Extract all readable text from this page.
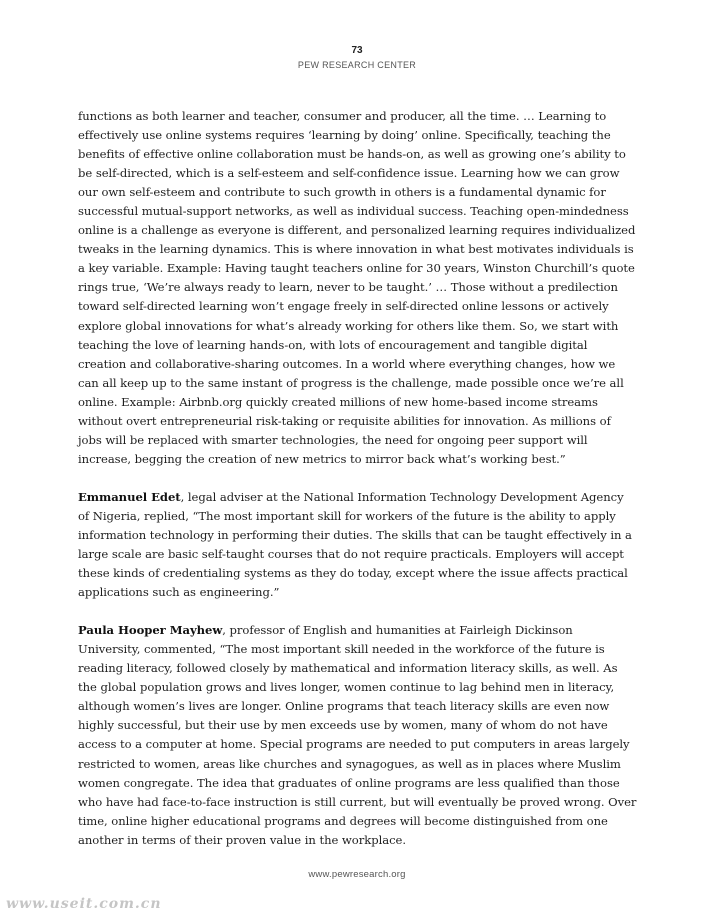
73
PEW RESEARCH CENTER

functions as both learner and teacher, consumer and producer, all the time. … Learning to effectively use online systems requires ‘learning by doing’ online. Specifically, teaching the benefits of effective online collaboration must be hands-on, as well as growing one’s ability to be self-directed, which is a self-esteem and self-confidence issue. Learning how we can grow our own self-esteem and contribute to such growth in others is a fundamental dynamic for successful mutual-support networks, as well as individual success. Teaching open-mindedness online is a challenge as everyone is different, and personalized learning requires individualized tweaks in the learning dynamics. This is where innovation in what best motivates individuals is a key variable. Example: Having taught teachers online for 30 years, Winston Churchill’s quote rings true, ‘We’re always ready to learn, never to be taught.’ … Those without a predilection toward self-directed learning won’t engage freely in self-directed online lessons or actively explore global innovations for what’s already working for others like them. So, we start with teaching the love of learning hands-on, with lots of encouragement and tangible digital creation and collaborative-sharing outcomes. In a world where everything changes, how we can all keep up to the same instant of progress is the challenge, made possible once we’re all online. Example: Airbnb.org quickly created millions of new home-based income streams without overt entrepreneurial risk-taking or requisite abilities for innovation. As millions of jobs will be replaced with smarter technologies, the need for ongoing peer support will increase, begging the creation of new metrics to mirror back what’s working best.”

Emmanuel Edet, legal adviser at the National Information Technology Development Agency of Nigeria, replied, “The most important skill for workers of the future is the ability to apply information technology in performing their duties. The skills that can be taught effectively in a large scale are basic self-taught courses that do not require practicals. Employers will accept these kinds of credentialing systems as they do today, except where the issue affects practical applications such as engineering.”

Paula Hooper Mayhew, professor of English and humanities at Fairleigh Dickinson University, commented, “The most important skill needed in the workforce of the future is reading literacy, followed closely by mathematical and information literacy skills, as well. As the global population grows and lives longer, women continue to lag behind men in literacy, although women’s lives are longer. Online programs that teach literacy skills are even now highly successful, but their use by men exceeds use by women, many of whom do not have access to a computer at home. Special programs are needed to put computers in areas largely restricted to women, areas like churches and synagogues, as well as in places where Muslim women congregate. The idea that graduates of online programs are less qualified than those who have had face-to-face instruction is still current, but will eventually be proved wrong. Over time, online higher educational programs and degrees will become distinguished from one another in terms of their proven value in the workplace.

www.pewresearch.org
www.useit.com.cn
